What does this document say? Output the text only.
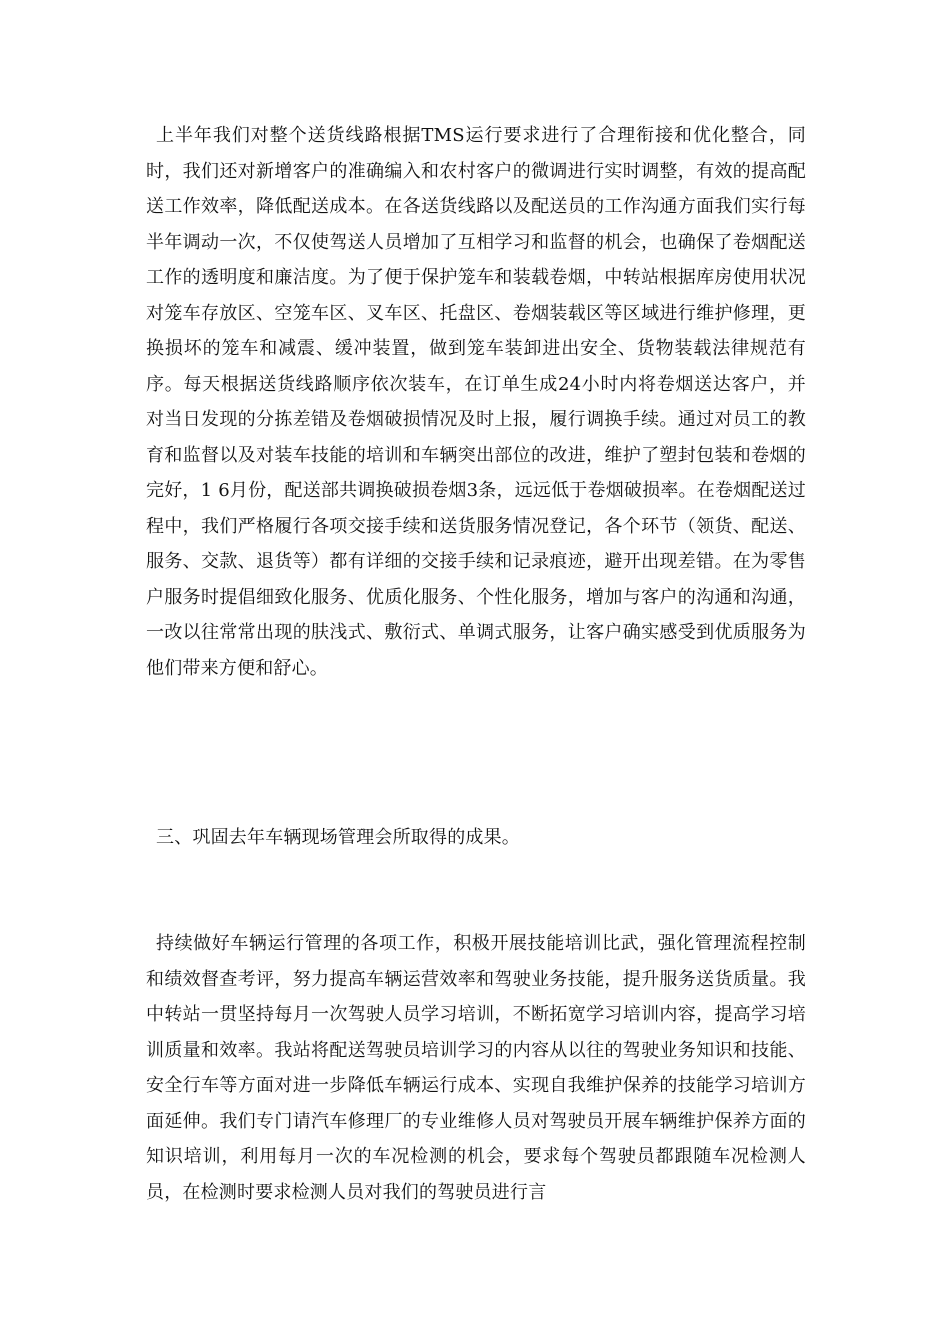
上半年我们对整个送货线路根据TMS运行要求进行了合理衔接和优化整合，同时，我们还对新增客户的准确编入和农村客户的微调进行实时调整，有效的提高配送工作效率，降低配送成本。在各送货线路以及配送员的工作沟通方面我们实行每半年调动一次，不仅使驾送人员增加了互相学习和监督的机会，也确保了卷烟配送工作的透明度和廉洁度。为了便于保护笼车和装载卷烟，中转站根据库房使用状况对笼车存放区、空笼车区、叉车区、托盘区、卷烟装载区等区域进行维护修理，更换损坏的笼车和减震、缓冲装置，做到笼车装卸进出安全、货物装载法律规范有序。每天根据送货线路顺序依次装车，在订单生成24小时内将卷烟送达客户，并对当日发现的分拣差错及卷烟破损情况及时上报，履行调换手续。通过对员工的教育和监督以及对装车技能的培训和车辆突出部位的改进，维护了塑封包装和卷烟的完好，1 6月份，配送部共调换破损卷烟3条，远远低于卷烟破损率。在卷烟配送过程中，我们严格履行各项交接手续和送货服务情况登记，各个环节（领货、配送、服务、交款、退货等）都有详细的交接手续和记录痕迹，避开出现差错。在为零售户服务时提倡细致化服务、优质化服务、个性化服务，增加与客户的沟通和沟通，一改以往常常出现的肤浅式、敷衍式、单调式服务，让客户确实感受到优质服务为他们带来方便和舒心。

三、巩固去年车辆现场管理会所取得的成果。

持续做好车辆运行管理的各项工作，积极开展技能培训比武，强化管理流程控制和绩效督查考评，努力提高车辆运营效率和驾驶业务技能，提升服务送货质量。我中转站一贯坚持每月一次驾驶人员学习培训，不断拓宽学习培训内容，提高学习培训质量和效率。我站将配送驾驶员培训学习的内容从以往的驾驶业务知识和技能、安全行车等方面对进一步降低车辆运行成本、实现自我维护保养的技能学习培训方面延伸。我们专门请汽车修理厂的专业维修人员对驾驶员开展车辆维护保养方面的知识培训，利用每月一次的车况检测的机会，要求每个驾驶员都跟随车况检测人员，在检测时要求检测人员对我们的驾驶员进行言
